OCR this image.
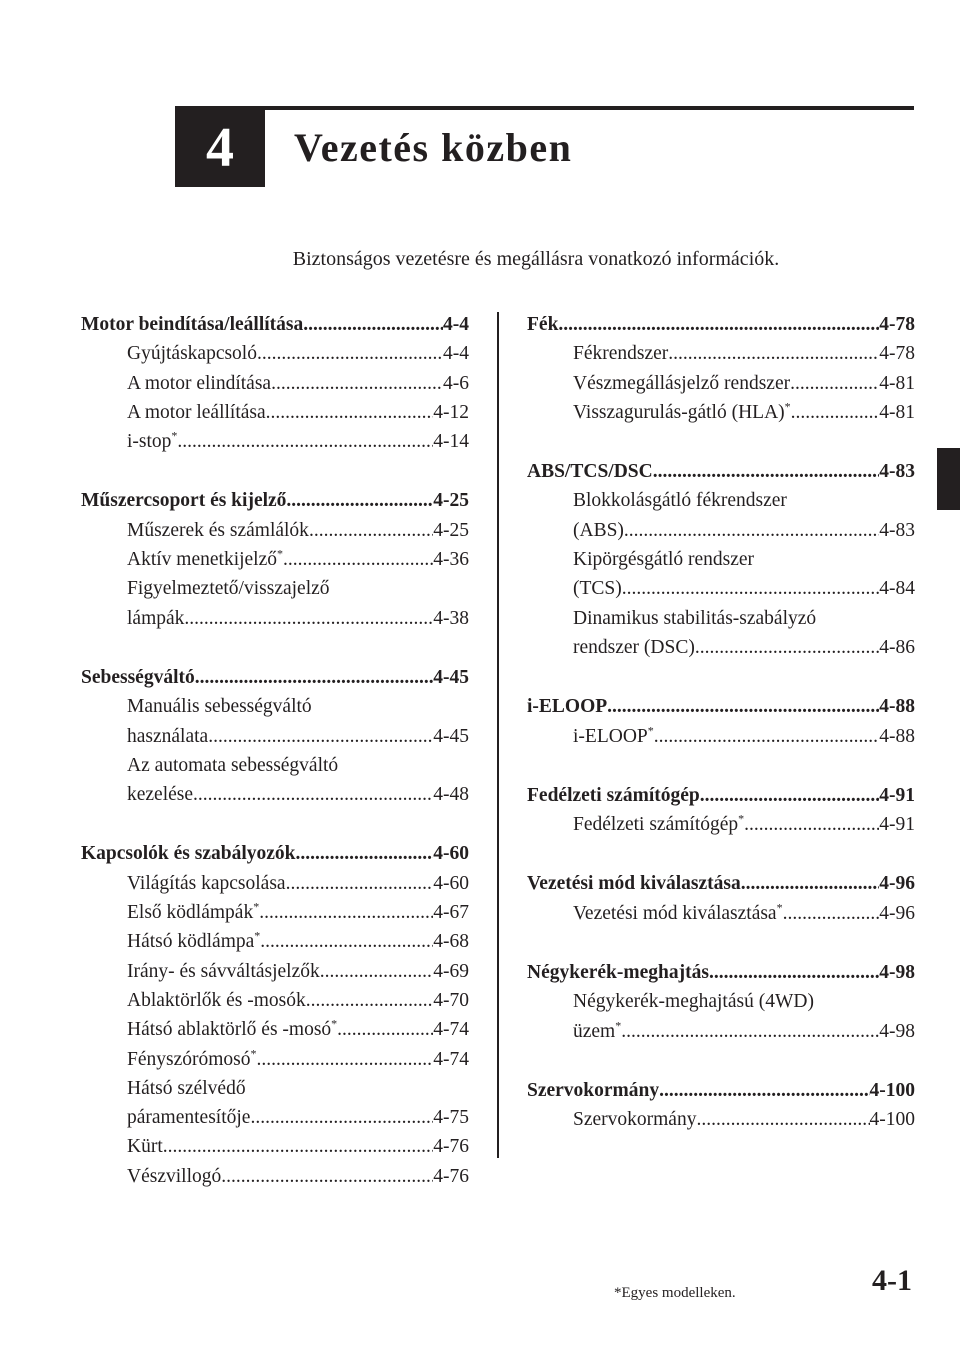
4 Vezetés közben
Biztonságos vezetésre és megállásra vonatkozó információk.
Motor beindítása/leállítása .....	4-4
Gyújtáskapcsoló .....	4-4
A motor elindítása .....	4-6
A motor leállítása .....	4-12
i-stop* .....	4-14
Műszercsoport és kijelző .....	4-25
Műszerek és számlálók .....	4-25
Aktív menetkijelző* .....	4-36
Figyelmeztető/visszajelző
lámpák .....	4-38
Sebességváltó .....	4-45
Manuális sebességváltó
használata .....	4-45
Az automata sebességváltó
kezelése .....	4-48
Kapcsolók és szabályozók .....	4-60
Világítás kapcsolása .....	4-60
Első ködlámpák* .....	4-67
Hátsó ködlámpa* .....	4-68
Irány- és sávváltásjelzők .....	4-69
Ablaktörlők és -mosók .....	4-70
Hátsó ablaktörlő és -mosó* .....	4-74
Fényszórómosó* .....	4-74
Hátsó szélvédő
páramentesítője .....	4-75
Kürt .....	4-76
Vészvillogó .....	4-76
Fék .....	4-78
Fékrendszer .....	4-78
Vészmegállásjelző rendszer .....	4-81
Visszagurulás-gátló (HLA)* .....	4-81
ABS/TCS/DSC .....	4-83
Blokkolásgátló fékrendszer
(ABS) .....	4-83
Kipörgésgátló rendszer
(TCS) .....	4-84
Dinamikus stabilitás-szabályzó
rendszer (DSC) .....	4-86
i-ELOOP .....	4-88
i-ELOOP* .....	4-88
Fedélzeti számítógép .....	4-91
Fedélzeti számítógép* .....	4-91
Vezetési mód kiválasztása .....	4-96
Vezetési mód kiválasztása* .....	4-96
Négykerék-meghajtás .....	4-98
Négykerék-meghajtású (4WD)
üzem* .....	4-98
Szervokormány .....	4-100
Szervokormány .....	4-100
*Egyes modelleken.	4-1
